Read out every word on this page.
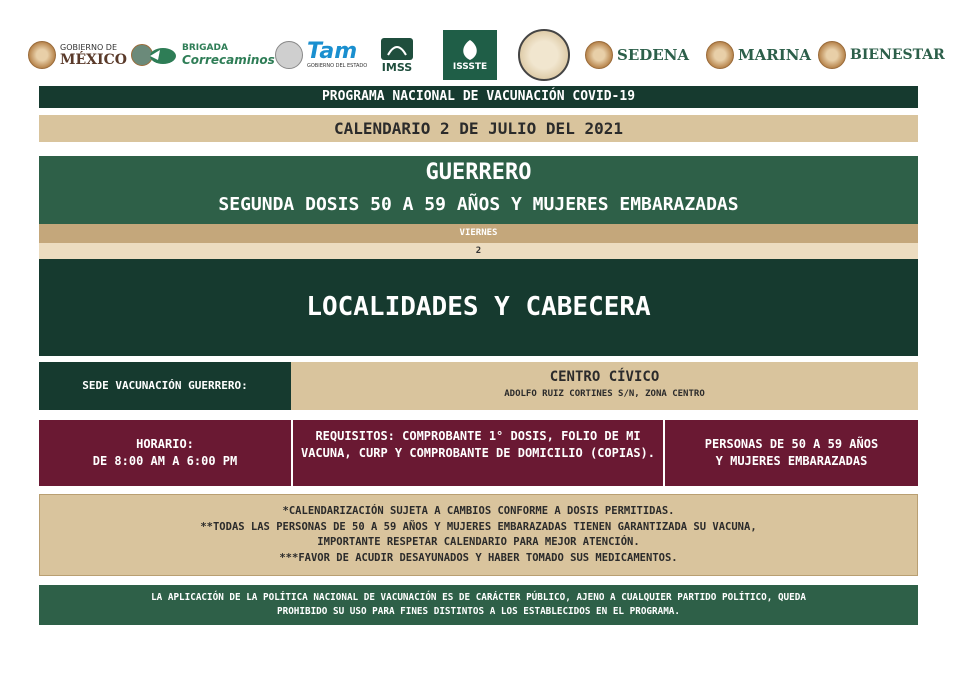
GOBIERNO DE
MÉXICO
BRIGADA
Correcaminos Tam
GOBIERNO DEL ESTADO IMSS	ISSSTE
SEDENA	MARINA	BIENESTAR
PROGRAMA NACIONAL DE VACUNACIÓN COVID-19
CALENDARIO 2 DE JULIO DEL 2021
GUERRERO
SEGUNDA DOSIS 50 A 59 AÑOS Y MUJERES EMBARAZADAS
VIERNES
2
LOCALIDADES Y CABECERA
SEDE VACUNACIÓN GUERRERO:
CENTRO CÍVICO
ADOLFO RUIZ CORTINES S/N, ZONA CENTRO
HORARIO:
DE 8:00 AM A 6:00 PM
REQUISITOS: COMPROBANTE 1° DOSIS, FOLIO DE MI VACUNA, CURP Y COMPROBANTE DE DOMICILIO (COPIAS).
PERSONAS DE 50 A 59 AÑOS
Y MUJERES EMBARAZADAS
*CALENDARIZACIÓN SUJETA A CAMBIOS CONFORME A DOSIS PERMITIDAS.
**TODAS LAS PERSONAS DE 50 A 59 AÑOS Y MUJERES EMBARAZADAS TIENEN GARANTIZADA SU VACUNA,
IMPORTANTE RESPETAR CALENDARIO PARA MEJOR ATENCIÓN.
***FAVOR DE ACUDIR DESAYUNADOS Y HABER TOMADO SUS MEDICAMENTOS.
LA APLICACIÓN DE LA POLÍTICA NACIONAL DE VACUNACIÓN ES DE CARÁCTER PÚBLICO, AJENO A CUALQUIER PARTIDO POLÍTICO, QUEDA
PROHIBIDO SU USO PARA FINES DISTINTOS A LOS ESTABLECIDOS EN EL PROGRAMA.
